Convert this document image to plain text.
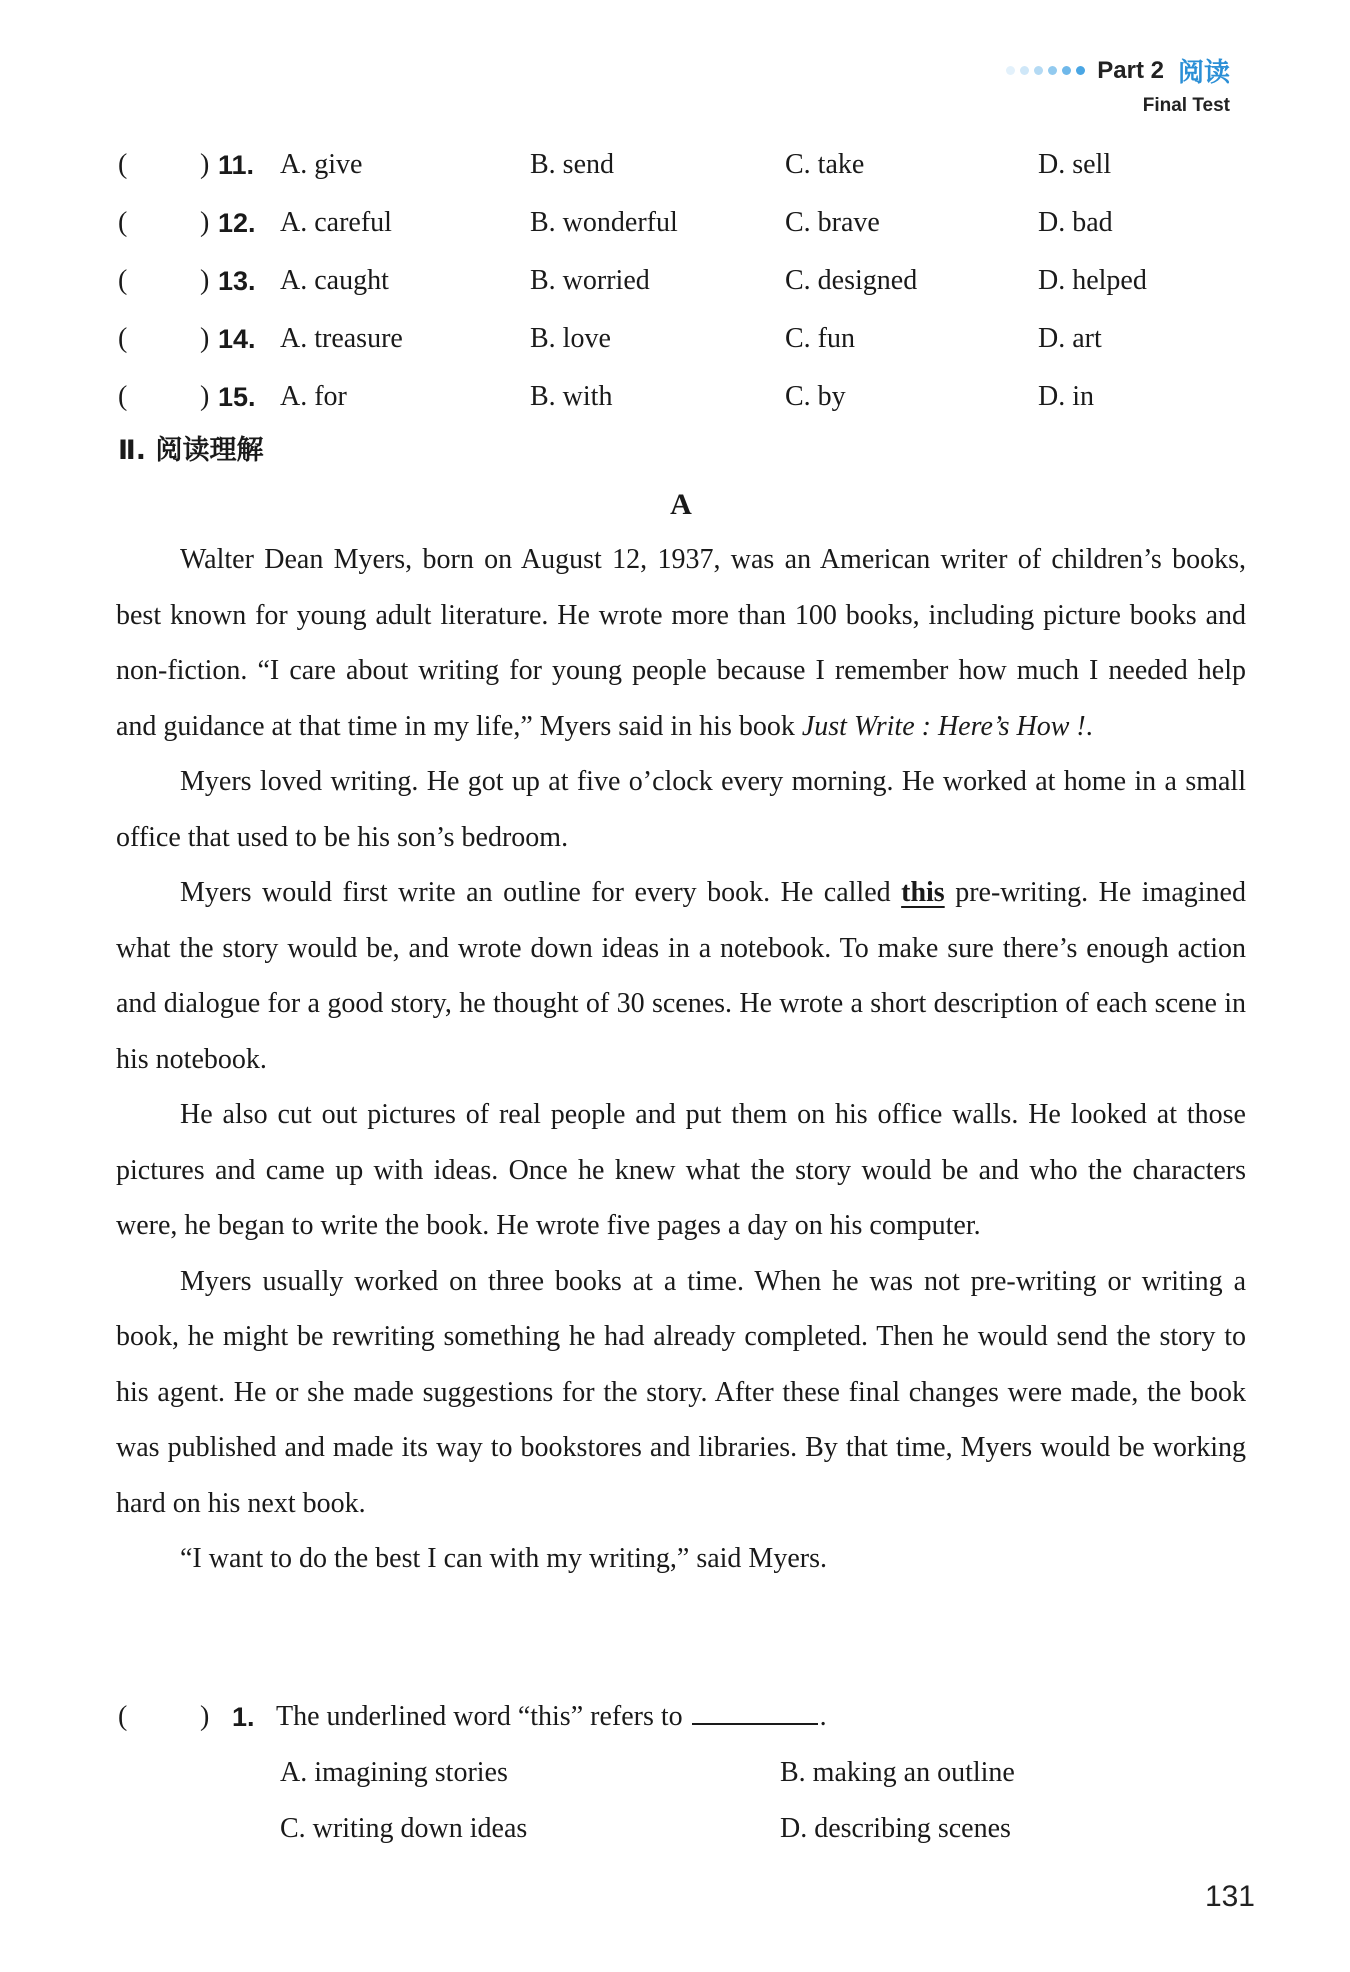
Part 2 阅读
Final Test
(	) 11. A. give	B. send	C. take	D. sell
(	) 12. A. careful	B. wonderful	C. brave	D. bad
(	) 13. A. caught	B. worried	C. designed	D. helped
(	) 14. A. treasure	B. love	C. fun	D. art
(	) 15. A. for	B. with	C. by	D. in
Ⅱ. 阅读理解
A

Walter Dean Myers, born on August 12, 1937, was an American writer of children’s books, best known for young adult literature. He wrote more than 100 books, including picture books and non-fiction. “I care about writing for young people because I remember how much I needed help and guidance at that time in my life,” Myers said in his book Just Write : Here’s How !.

Myers loved writing. He got up at five o’clock every morning. He worked at home in a small office that used to be his son’s bedroom.

Myers would first write an outline for every book. He called this pre-writing. He imagined what the story would be, and wrote down ideas in a notebook. To make sure there’s enough action and dialogue for a good story, he thought of 30 scenes. He wrote a short description of each scene in his notebook.

He also cut out pictures of real people and put them on his office walls. He looked at those pictures and came up with ideas. Once he knew what the story would be and who the characters were, he began to write the book. He wrote five pages a day on his computer.

Myers usually worked on three books at a time. When he was not pre-writing or writing a book, he might be rewriting something he had already completed. Then he would send the story to his agent. He or she made suggestions for the story. After these final changes were made, the book was published and made its way to bookstores and libraries. By that time, Myers would be working hard on his next book.

“I want to do the best I can with my writing,” said Myers.

(	) 1. The underlined word “this” refers to	.
A. imagining stories	B. making an outline
C. writing down ideas	D. describing scenes
131
